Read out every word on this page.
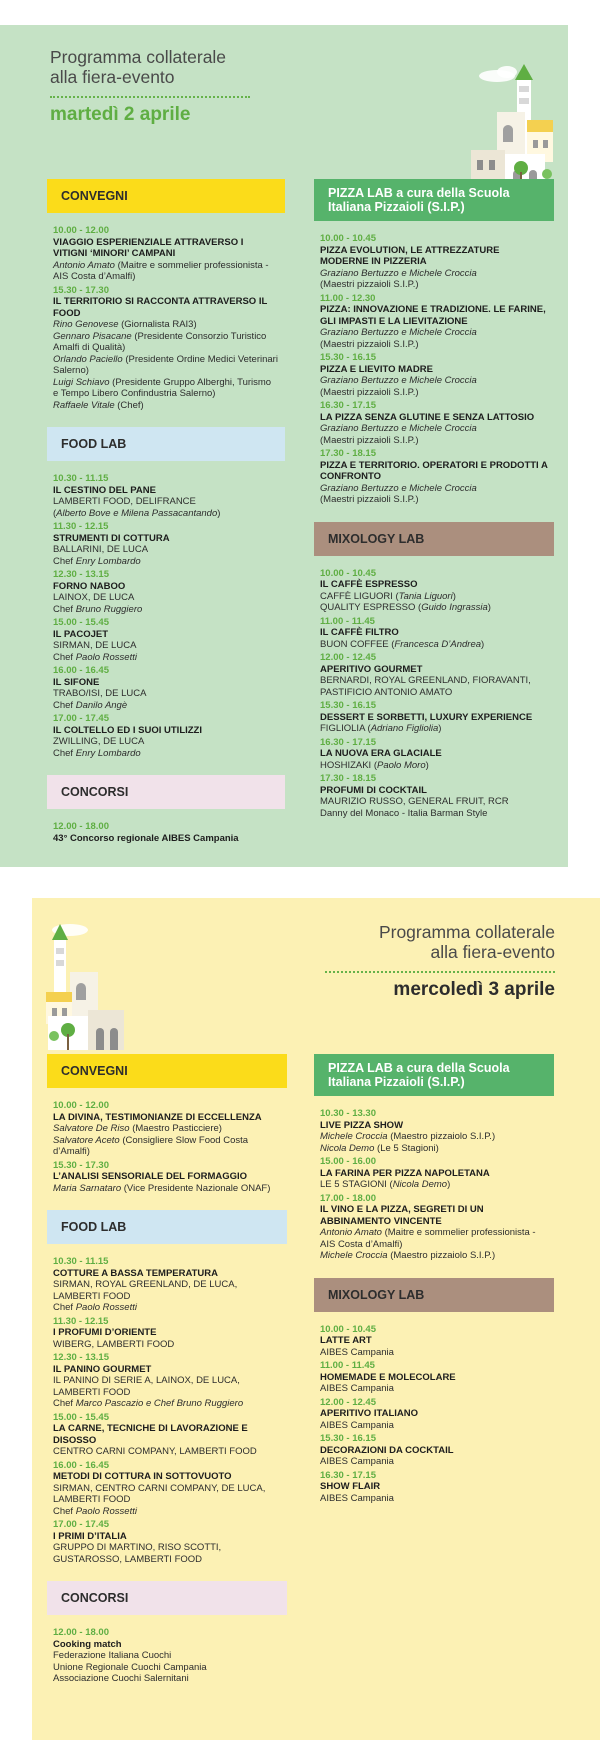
Programma collaterale
alla fiera-evento
martedì 2 aprile
CONVEGNI
10.00 - 12.00
VIAGGIO ESPERIENZIALE ATTRAVERSO I VITIGNI ‘MINORI’ CAMPANI
Antonio Amato (Maitre e sommelier professionista - AIS Costa d’Amalfi)
15.30 - 17.30
IL TERRITORIO SI RACCONTA ATTRAVERSO IL FOOD
Rino Genovese (Giornalista RAI3)
Gennaro Pisacane (Presidente Consorzio Turistico Amalfi di Qualità)
Orlando Paciello (Presidente Ordine Medici Veterinari Salerno)
Luigi Schiavo (Presidente Gruppo Alberghi, Turismo e Tempo Libero Confindustria Salerno)
Raffaele Vitale (Chef)
FOOD LAB
10.30 - 11.15
IL CESTINO DEL PANE
LAMBERTI FOOD, DELIFRANCE
(Alberto Bove e Milena Passacantando)
11.30 - 12.15
STRUMENTI DI COTTURA
BALLARINI, DE LUCA
Chef Enry Lombardo
12.30 - 13.15
FORNO NABOO
LAINOX, DE LUCA
Chef Bruno Ruggiero
15.00 - 15.45
IL PACOJET
SIRMAN, DE LUCA
Chef Paolo Rossetti
16.00 - 16.45
IL SIFONE
TRABO/ISI, DE LUCA
Chef Danilo Angè
17.00 - 17.45
IL COLTELLO ED I SUOI UTILIZZI
ZWILLING, DE LUCA
Chef Enry Lombardo
CONCORSI
12.00 - 18.00
43° Concorso regionale AIBES Campania
PIZZA LAB a cura della Scuola Italiana Pizzaioli (S.I.P.)
10.00 - 10.45
PIZZA EVOLUTION, LE ATTREZZATURE MODERNE IN PIZZERIA
Graziano Bertuzzo e Michele Croccia
(Maestri pizzaioli S.I.P.)
11.00 - 12.30
PIZZA: INNOVAZIONE E TRADIZIONE. LE FARINE, GLI IMPASTI E LA LIEVITAZIONE
Graziano Bertuzzo e Michele Croccia
(Maestri pizzaioli S.I.P.)
15.30 - 16.15
PIZZA E LIEVITO MADRE
Graziano Bertuzzo e Michele Croccia
(Maestri pizzaioli S.I.P.)
16.30 - 17.15
LA PIZZA SENZA GLUTINE E SENZA LATTOSIO
Graziano Bertuzzo e Michele Croccia
(Maestri pizzaioli S.I.P.)
17.30 - 18.15
PIZZA E TERRITORIO. OPERATORI E PRODOTTI A CONFRONTO
Graziano Bertuzzo e Michele Croccia
(Maestri pizzaioli S.I.P.)
MIXOLOGY LAB
10.00 - 10.45
IL CAFFÈ ESPRESSO
CAFFÈ LIGUORI (Tania Liguori)
QUALITY ESPRESSO (Guido Ingrassia)
11.00 - 11.45
IL CAFFÈ FILTRO
BUON COFFEE (Francesca D’Andrea)
12.00 - 12.45
APERITIVO GOURMET
BERNARDI, ROYAL GREENLAND, FIORAVANTI, PASTIFICIO ANTONIO AMATO
15.30 - 16.15
DESSERT E SORBETTI, LUXURY EXPERIENCE
FIGLIOLIA (Adriano Figliolia)
16.30 - 17.15
LA NUOVA ERA GLACIALE
HOSHIZAKI (Paolo Moro)
17.30 - 18.15
PROFUMI DI COCKTAIL
MAURIZIO RUSSO, GENERAL FRUIT, RCR
Danny del Monaco - Italia Barman Style
Programma collaterale
alla fiera-evento
mercoledì 3 aprile
CONVEGNI
10.00 - 12.00
LA DIVINA, TESTIMONIANZE DI ECCELLENZA
Salvatore De Riso (Maestro Pasticciere)
Salvatore Aceto (Consigliere Slow Food Costa d’Amalfi)
15.30 - 17.30
L’ANALISI SENSORIALE DEL FORMAGGIO
Maria Sarnataro (Vice Presidente Nazionale ONAF)
FOOD LAB
10.30 - 11.15
COTTURE A BASSA TEMPERATURA
SIRMAN, ROYAL GREENLAND, DE LUCA, LAMBERTI FOOD
Chef Paolo Rossetti
11.30 - 12.15
I PROFUMI D’ORIENTE
WIBERG, LAMBERTI FOOD
12.30 - 13.15
IL PANINO GOURMET
IL PANINO DI SERIE A, LAINOX, DE LUCA, LAMBERTI FOOD
Chef Marco Pascazio e Chef Bruno Ruggiero
15.00 - 15.45
LA CARNE, TECNICHE DI LAVORAZIONE E DISOSSO
CENTRO CARNI COMPANY, LAMBERTI FOOD
16.00 - 16.45
METODI DI COTTURA IN SOTTOVUOTO
SIRMAN, CENTRO CARNI COMPANY, DE LUCA, LAMBERTI FOOD
Chef Paolo Rossetti
17.00 - 17.45
I PRIMI D’ITALIA
GRUPPO DI MARTINO, RISO SCOTTI, GUSTAROSSO, LAMBERTI FOOD
CONCORSI
12.00 - 18.00
Cooking match
Federazione Italiana Cuochi
Unione Regionale Cuochi Campania
Associazione Cuochi Salernitani
PIZZA LAB a cura della Scuola Italiana Pizzaioli (S.I.P.)
10.30 - 13.30
LIVE PIZZA SHOW
Michele Croccia (Maestro pizzaiolo S.I.P.)
Nicola Demo (Le 5 Stagioni)
15.00 - 16.00
LA FARINA PER PIZZA NAPOLETANA
LE 5 STAGIONI (Nicola Demo)
17.00 - 18.00
IL VINO E LA PIZZA, SEGRETI DI UN ABBINAMENTO VINCENTE
Antonio Amato (Maitre e sommelier professionista - AIS Costa d’Amalfi)
Michele Croccia (Maestro pizzaiolo S.I.P.)
MIXOLOGY LAB
10.00 - 10.45
LATTE ART
AIBES Campania
11.00 - 11.45
HOMEMADE E MOLECOLARE
AIBES Campania
12.00 - 12.45
APERITIVO ITALIANO
AIBES Campania
15.30 - 16.15
DECORAZIONI DA COCKTAIL
AIBES Campania
16.30 - 17.15
SHOW FLAIR
AIBES Campania
